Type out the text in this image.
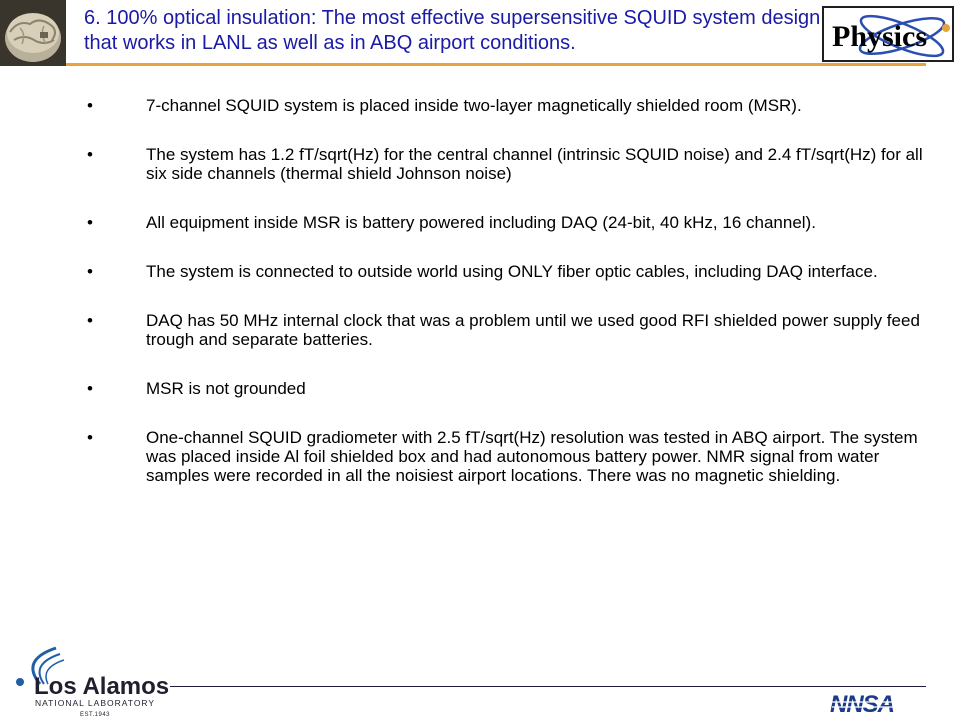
6. 100% optical insulation: The most effective supersensitive SQUID system design that works in LANL as well as in ABQ airport conditions.	Physics
•	7-channel SQUID system is placed inside two-layer magnetically shielded room (MSR).
•	The system has 1.2 fT/sqrt(Hz) for the central channel (intrinsic SQUID noise) and 2.4 fT/sqrt(Hz) for all six side channels (thermal shield Johnson noise)
•	All equipment inside MSR is battery powered including DAQ (24-bit, 40 kHz, 16 channel).
•	The system is connected to outside world using ONLY fiber optic cables, including DAQ interface.
•	DAQ has 50 MHz internal clock that was a problem until we used good RFI shielded power supply feed trough and separate batteries.
•	MSR is not grounded
•	One-channel SQUID gradiometer with 2.5 fT/sqrt(Hz) resolution was tested in ABQ airport. The system was placed inside Al foil shielded box and had autonomous battery power. NMR signal from water samples were recorded in all the noisiest airport locations. There was no magnetic shielding.
Los Alamos
NATIONAL LABORATORY
EST.1943	NNSA
